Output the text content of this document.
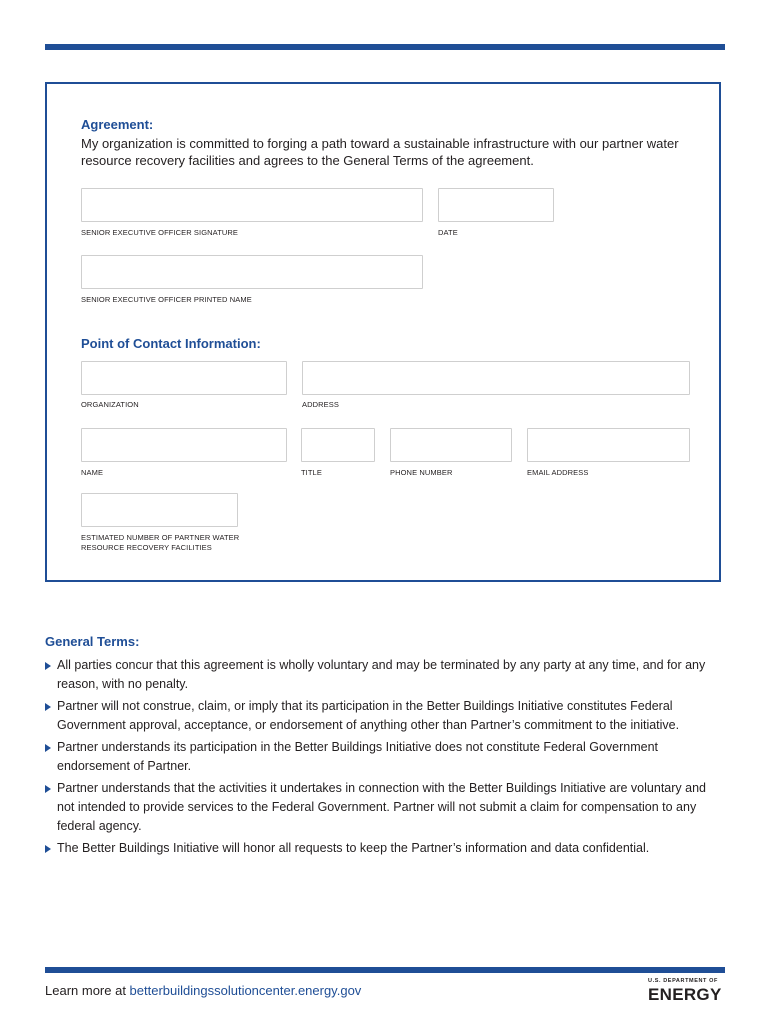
Agreement:
My organization is committed to forging a path toward a sustainable infrastructure with our partner water resource recovery facilities and agrees to the General Terms of the agreement.
SENIOR EXECUTIVE OFFICER SIGNATURE	DATE
SENIOR EXECUTIVE OFFICER PRINTED NAME
Point of Contact Information:
ORGANIZATION	ADDRESS
NAME	TITLE	PHONE NUMBER	EMAIL ADDRESS
ESTIMATED NUMBER OF PARTNER WATER
RESOURCE RECOVERY FACILITIES
General Terms:
All parties concur that this agreement is wholly voluntary and may be terminated by any party at any time, and for any reason, with no penalty.
Partner will not construe, claim, or imply that its participation in the Better Buildings Initiative constitutes Federal Government approval, acceptance, or endorsement of anything other than Partner’s commitment to the initiative.
Partner understands its participation in the Better Buildings Initiative does not constitute Federal Government endorsement of Partner.
Partner understands that the activities it undertakes in connection with the Better Buildings Initiative are voluntary and not intended to provide services to the Federal Government. Partner will not submit a claim for compensation to any federal agency.
The Better Buildings Initiative will honor all requests to keep the Partner’s information and data confidential.
Learn more at betterbuildingssolutioncenter.energy.gov
U.S. DEPARTMENT OF
ENERGY
